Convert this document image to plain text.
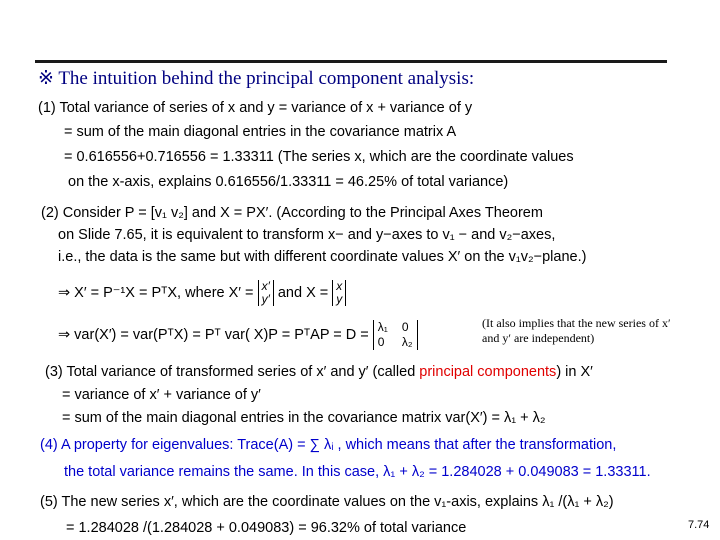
※ The intuition behind the principal component analysis:
(1) Total variance of series of x and y = variance of x + variance of y
= sum of the main diagonal entries in the covariance matrix A
= 0.616556+0.716556 = 1.33311 (The series x, which are the coordinate values
on the x-axis, explains 0.616556/1.33311 = 46.25% of total variance)
(2) Consider P = [v₁ v₂] and X = PX′. (According to the Principal Axes Theorem
on Slide 7.65, it is equivalent to transform x− and y−axes to v₁ − and v₂−axes,
i.e., the data is the same but with different coordinate values X′ on the v₁v₂−plane.)
⇒ X′ = P⁻¹X = PᵀX, where X′ = x′
y′ and X = x
y
⇒ var(X′) = var(PᵀX) = Pᵀ var( X)P = PᵀAP = D = λ₁ 0
0 λ₂
(It also implies that the new series of x′ and y′ are independent)
(3) Total variance of transformed series of x′ and y′ (called principal components) in X′
= variance of x′ + variance of y′
= sum of the main diagonal entries in the covariance matrix var(X′) = λ₁ + λ₂
(4) A property for eigenvalues: Trace(A) = ∑ λᵢ , which means that after the transformation,
the total variance remains the same. In this case, λ₁ + λ₂ = 1.284028 + 0.049083 = 1.33311.
(5) The new series x′, which are the coordinate values on the v₁-axis, explains λ₁ /(λ₁ + λ₂)
= 1.284028 /(1.284028 + 0.049083) = 96.32% of total variance	7.74
